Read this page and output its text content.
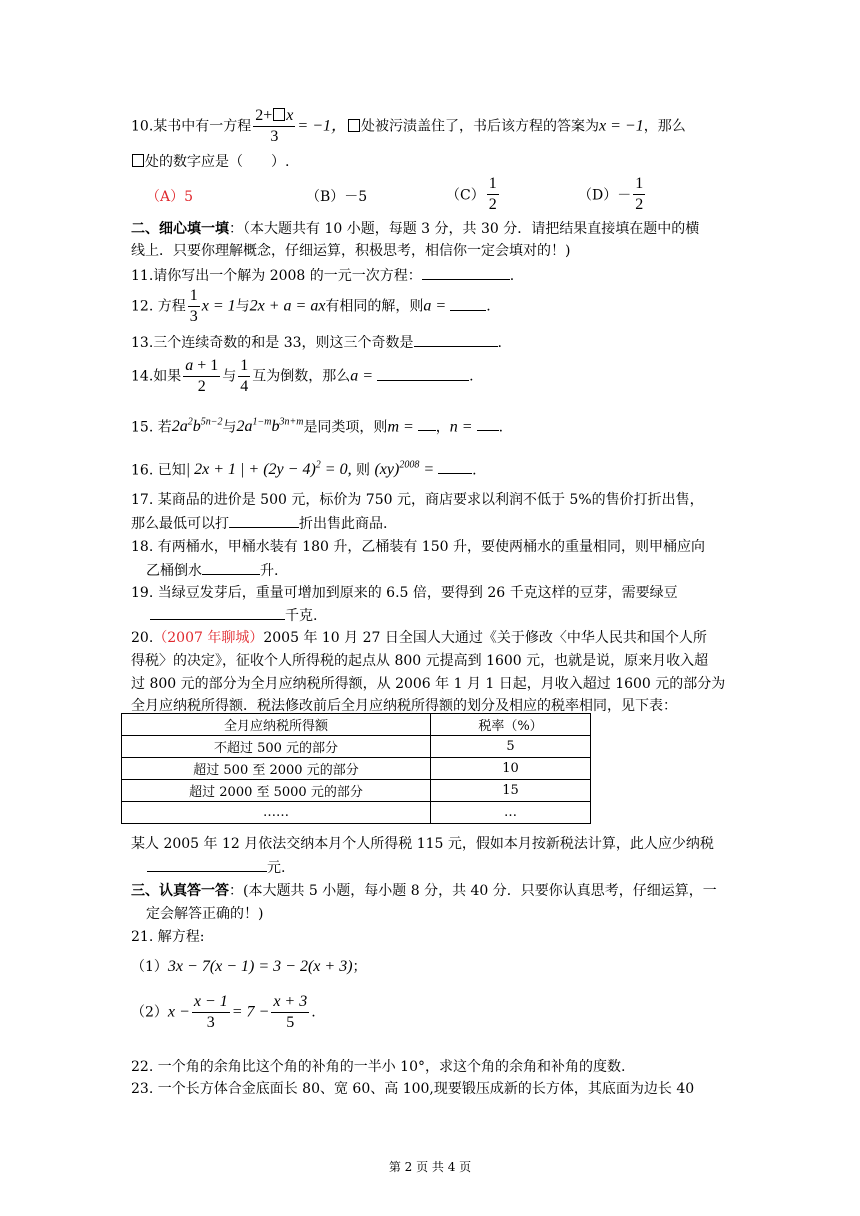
10.某书中有一方程 $\frac{2+ x}{3} = -1$， 处被污渍盖住了，书后该方程的答案为x = −1，那么
处的数字应是（　　）.
（A）5	（B）－5	$(C) \frac{1}{2}$	$(D)- \frac{1}{2}$
二、细心填一填：（本大题共有 10 小题，每题 3 分，共 30 分．请把结果直接填在题中的横
线上．只要你理解概念，仔细运算，积极思考，相信你一定会填对的！)
11.请你写出一个解为 2008 的一元一次方程：	.
12. 方程 $\frac{1}{3}$ x = 1与2x + a = ax有相同的解，则a =	.
13.三个连续奇数的和是 33，则这三个奇数是	.
14.如果 $\frac{a + 1}{2}$ 与 $\frac{1}{4}$ 互为倒数，那么a =	.
15. 若$2a^2b^{5n-2}$与$2a^{1-m}b^{3n+m}$是同类项，则m = ，n = .
16. 已知| 2x + 1 | + $(2y - 4)^2 = 0$, 则 (xy)$^{2008}$ = .
17. 某商品的进价是 500 元，标价为 750 元，商店要求以利润不低于 5%的售价打折出售，
那么最低可以打	折出售此商品.
18. 有两桶水，甲桶水装有 180 升，乙桶装有 150 升，要使两桶水的重量相同，则甲桶应向
乙桶倒水	升.
19. 当绿豆发芽后，重量可增加到原来的 6.5 倍，要得到 26 千克这样的豆芽，需要绿豆
千克.
20.（2007 年聊城）2005 年 10 月 27 日全国人大通过《关于修改〈中华人民共和国个人所
得税〉的决定》，征收个人所得税的起点从 800 元提高到 1600 元，也就是说，原来月收入超
过 800 元的部分为全月应纳税所得额，从 2006 年 1 月 1 日起，月收入超过 1600 元的部分为
全月应纳税所得额．税法修改前后全月应纳税所得额的划分及相应的税率相同，见下表：
全月应纳税所得额	税率（%）
不超过 500 元的部分	5
超过 500 至 2000 元的部分	10
超过 2000 至 5000 元的部分	15
……	…
某人 2005 年 12 月依法交纳本月个人所得税 115 元，假如本月按新税法计算，此人应少纳税
元.
三、认真答一答：(本大题共 5 小题，每小题 8 分，共 40 分．只要你认真思考，仔细运算，一
定会解答正确的！)
21. 解方程:
（1）3x − 7(x − 1) = 3 − 2(x + 3)；
$(2)x - \frac{x - 1}{3} = 7 - \frac{x + 3}{5}$ .
22. 一个角的余角比这个角的补角的一半小 10°，求这个角的余角和补角的度数.
23. 一个长方体合金底面长 80、宽 60、高 100,现要锻压成新的长方体，其底面为边长 40
第 2 页 共 4 页
